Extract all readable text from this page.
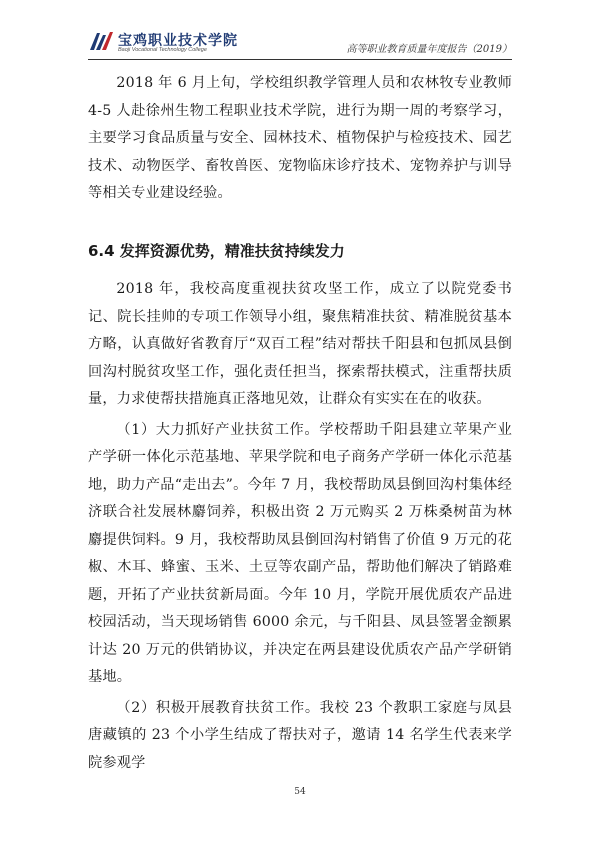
宝鸡职业技术学院
Baoji Vocational Technology College	高等职业教育质量年度报告（2019）

2018 年 6 月上旬，学校组织教学管理人员和农林牧专业教师 4-5 人赴徐州生物工程职业技术学院，进行为期一周的考察学习，主要学习食品质量与安全、园林技术、植物保护与检疫技术、园艺技术、动物医学、畜牧兽医、宠物临床诊疗技术、宠物养护与训导等相关专业建设经验。

6.4 发挥资源优势，精准扶贫持续发力

2018 年，我校高度重视扶贫攻坚工作，成立了以院党委书记、院长挂帅的专项工作领导小组，聚焦精准扶贫、精准脱贫基本方略，认真做好省教育厅“双百工程”结对帮扶千阳县和包抓凤县倒回沟村脱贫攻坚工作，强化责任担当，探索帮扶模式，注重帮扶质量，力求使帮扶措施真正落地见效，让群众有实实在在的收获。

（1）大力抓好产业扶贫工作。学校帮助千阳县建立苹果产业产学研一体化示范基地、苹果学院和电子商务产学研一体化示范基地，助力产品“走出去”。今年 7 月，我校帮助凤县倒回沟村集体经济联合社发展林麝饲养，积极出资 2 万元购买 2 万株桑树苗为林麝提供饲料。9 月，我校帮助凤县倒回沟村销售了价值 9 万元的花椒、木耳、蜂蜜、玉米、土豆等农副产品，帮助他们解决了销路难题，开拓了产业扶贫新局面。今年 10 月，学院开展优质农产品进校园活动，当天现场销售 6000 余元，与千阳县、凤县签署金额累计达 20 万元的供销协议，并决定在两县建设优质农产品产学研销基地。

（2）积极开展教育扶贫工作。我校 23 个教职工家庭与凤县唐藏镇的 23 个小学生结成了帮扶对子，邀请 14 名学生代表来学院参观学

54
